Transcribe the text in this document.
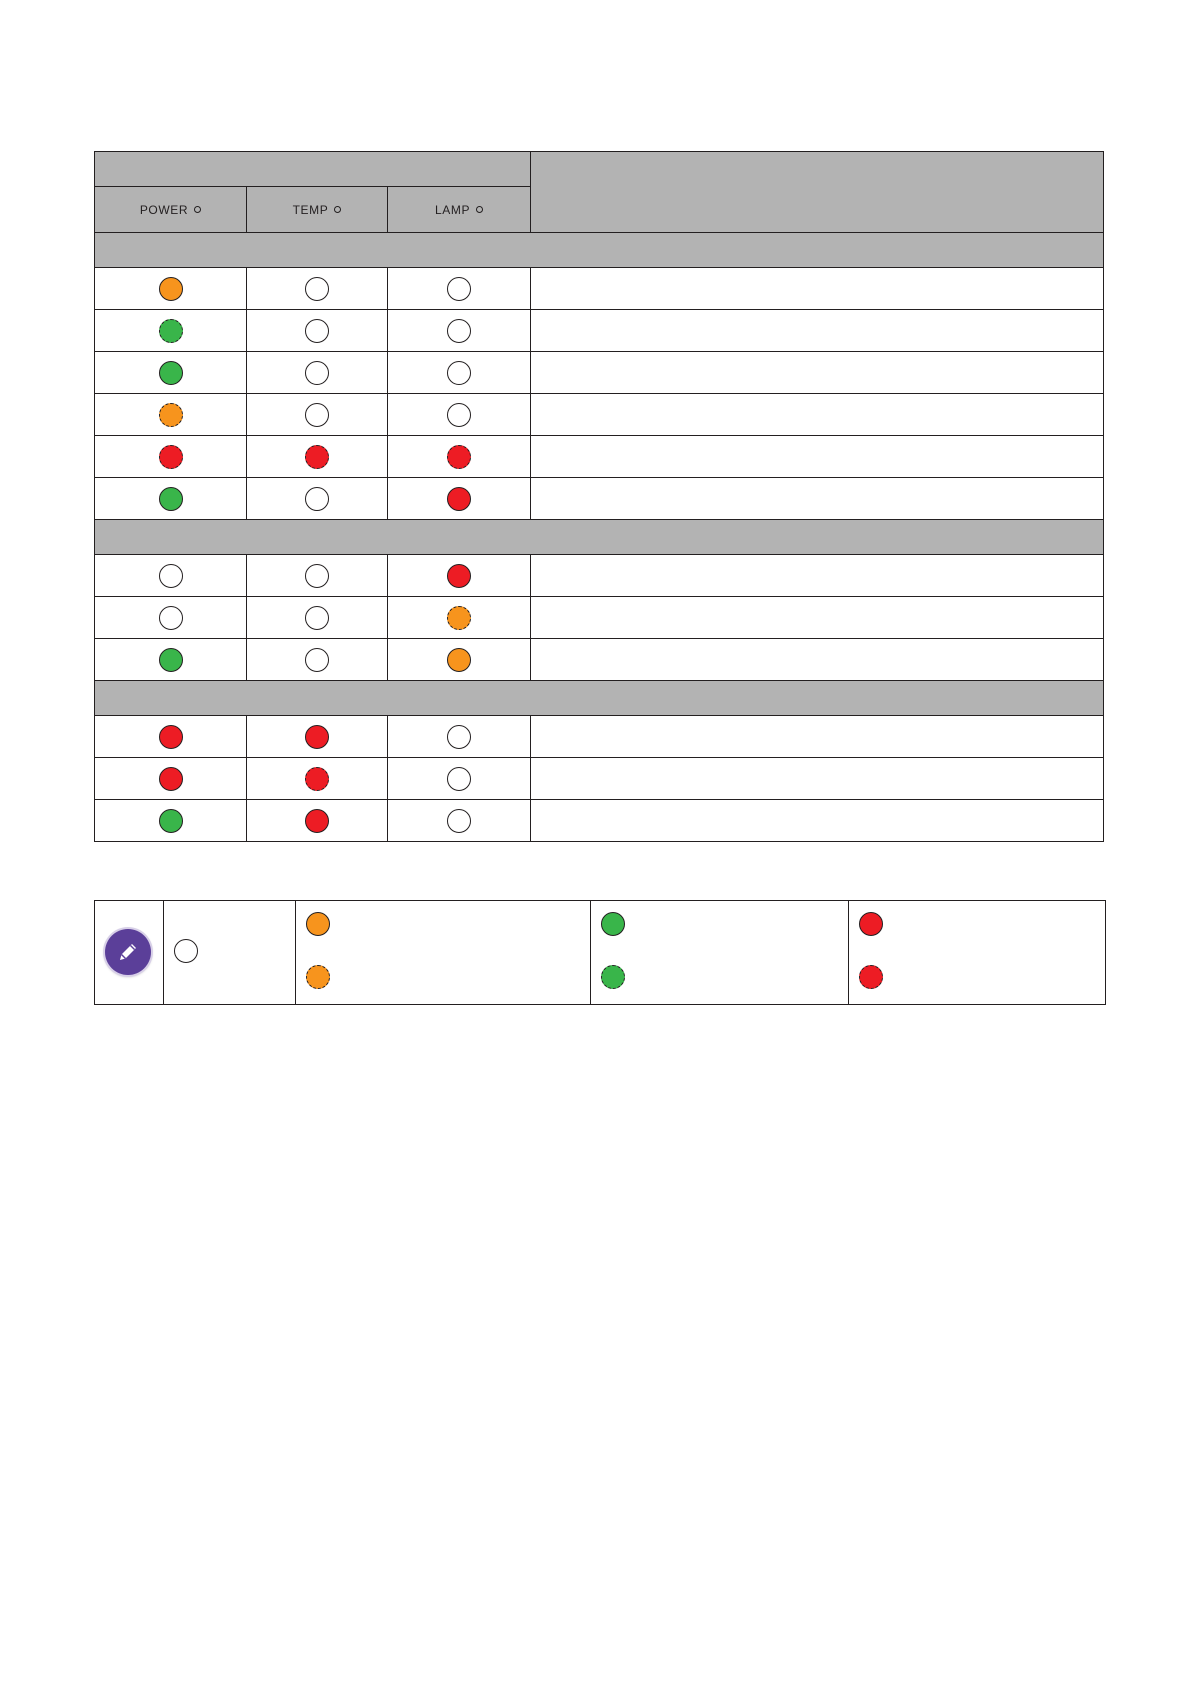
POWER	TEMP	LAMP	
